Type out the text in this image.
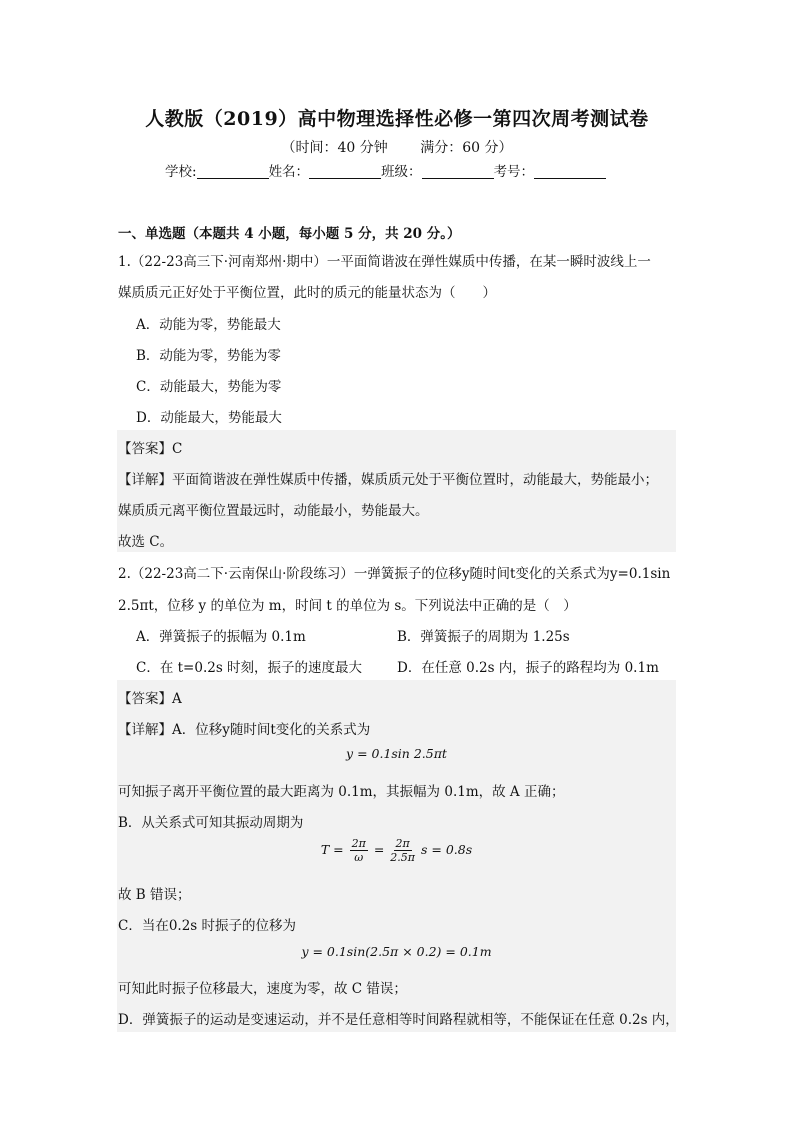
人教版（2019）高中物理选择性必修一第四次周考测试卷
（时间：40 分钟 满分：60 分）
学校:	姓名：	班级：	考号：
一、单选题（本题共 4 小题，每小题 5 分，共 20 分。）
1.（22-23高三下·河南郑州·期中）一平面简谐波在弹性媒质中传播，在某一瞬时波线上一
媒质质元正好处于平衡位置，此时的质元的能量状态为（　　）
A．动能为零，势能最大
B．动能为零，势能为零
C．动能最大，势能为零
D．动能最大，势能最大
【答案】C
【详解】平面简谐波在弹性媒质中传播，媒质质元处于平衡位置时，动能最大，势能最小；
媒质质元离平衡位置最远时，动能最小，势能最大。
故选 C。
2.（22-23高二下·云南保山·阶段练习）一弹簧振子的位移y随时间t变化的关系式为y=0.1sin
2.5πt，位移 y 的单位为 m，时间 t 的单位为 s。下列说法中正确的是（　）
A．弹簧振子的振幅为 0.1m	B．弹簧振子的周期为 1.25s
C．在 t=0.2s 时刻，振子的速度最大	D．在任意 0.2s 内，振子的路程均为 0.1m
【答案】A
【详解】A．位移y随时间t变化的关系式为
y = 0.1sin 2.5πt
可知振子离开平衡位置的最大距离为 0.1m，其振幅为 0.1m，故 A 正确；
B．从关系式可知其振动周期为
$T = \frac{2\pi}{\omega} = \frac{2\pi}{2.5\pi}$ s = 0.8s
故 B 错误；
C．当在0.2s 时振子的位移为
y = 0.1sin(2.5π × 0.2) = 0.1m
可知此时振子位移最大，速度为零，故 C 错误；
D．弹簧振子的运动是变速运动，并不是任意相等时间路程就相等，不能保证在任意 0.2s 内，
